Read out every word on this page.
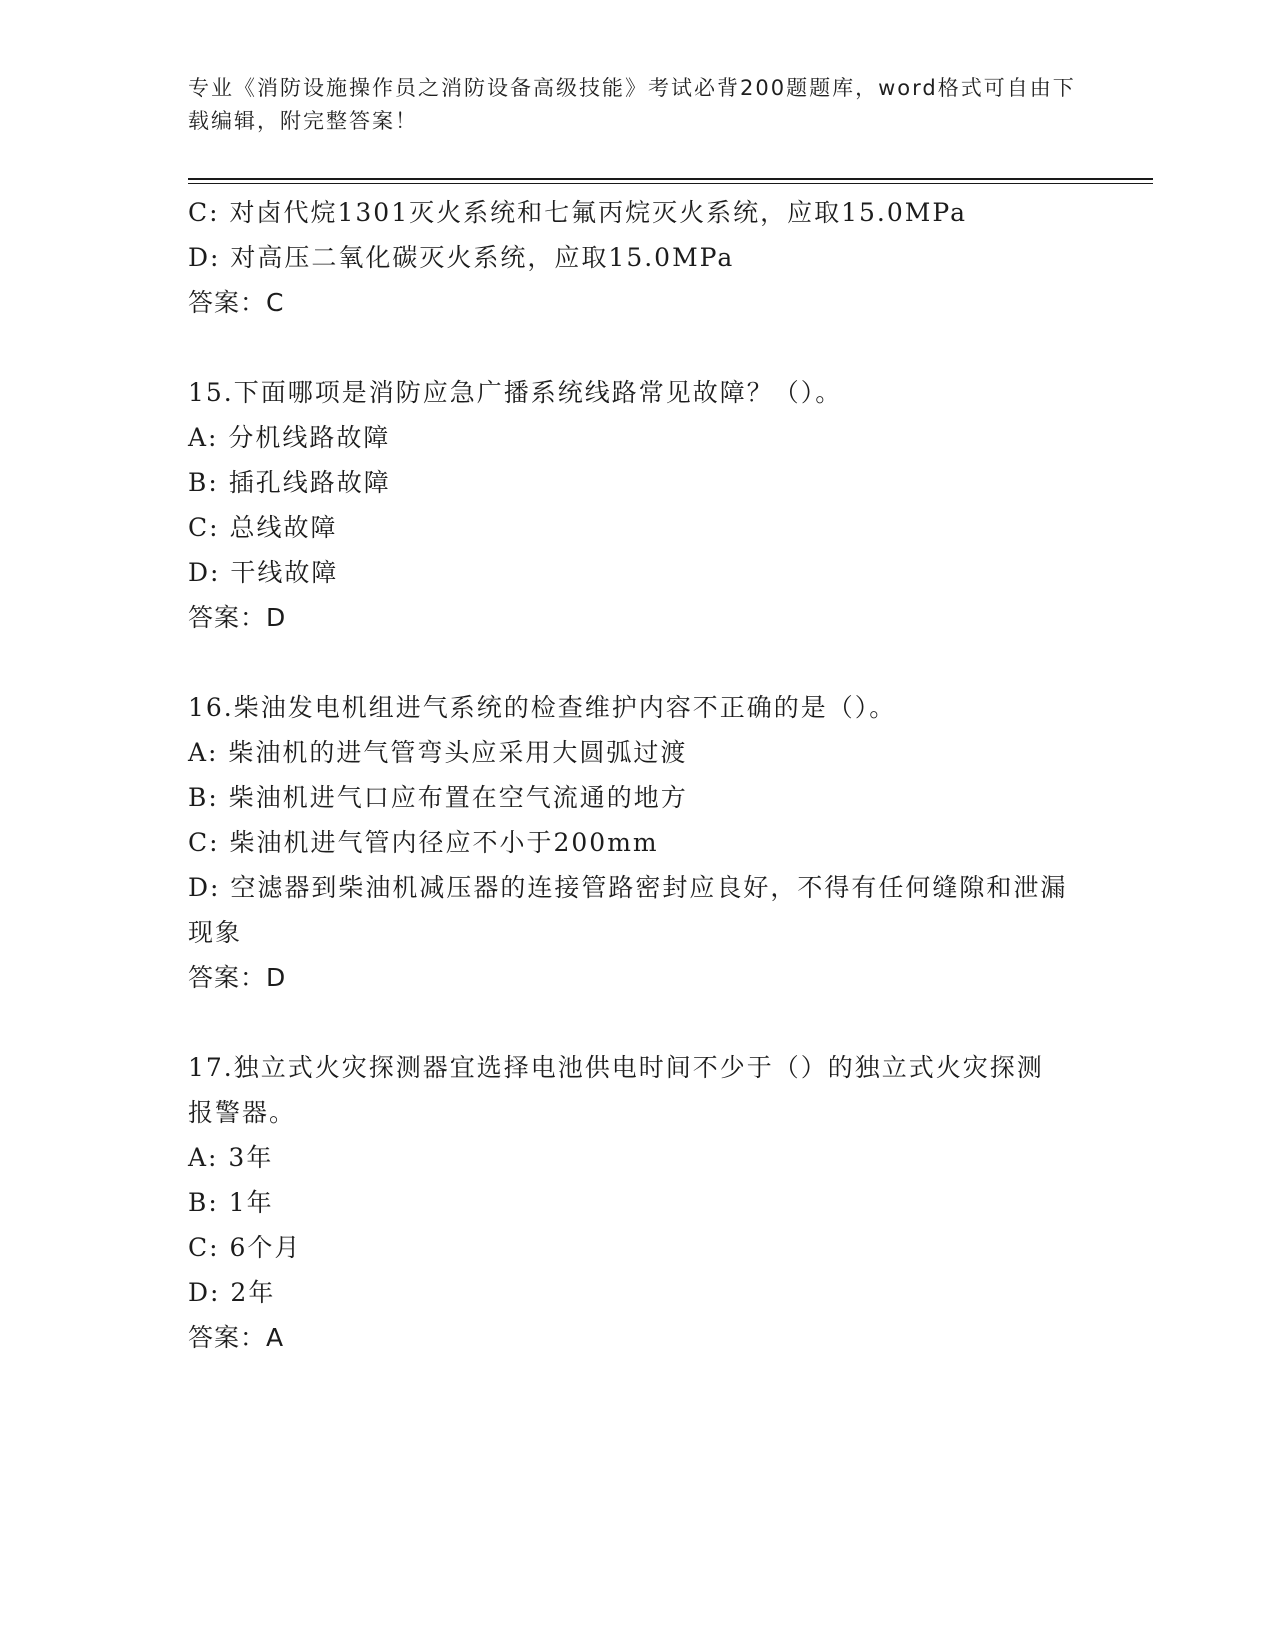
专业《消防设施操作员之消防设备高级技能》考试必背200题题库，word格式可自由下载编辑，附完整答案！
C: 对卤代烷1301灭火系统和七氟丙烷灭火系统，应取15.0MPa
D: 对高压二氧化碳灭火系统，应取15.0MPa
答案：C
15.下面哪项是消防应急广播系统线路常见故障？（）。
A: 分机线路故障
B: 插孔线路故障
C: 总线故障
D: 干线故障
答案：D
16.柴油发电机组进气系统的检查维护内容不正确的是（）。
A: 柴油机的进气管弯头应采用大圆弧过渡
B: 柴油机进气口应布置在空气流通的地方
C: 柴油机进气管内径应不小于200mm
D: 空滤器到柴油机减压器的连接管路密封应良好，不得有任何缝隙和泄漏现象
答案：D
17.独立式火灾探测器宜选择电池供电时间不少于（）的独立式火灾探测报警器。
A: 3年
B: 1年
C: 6个月
D: 2年
答案：A
